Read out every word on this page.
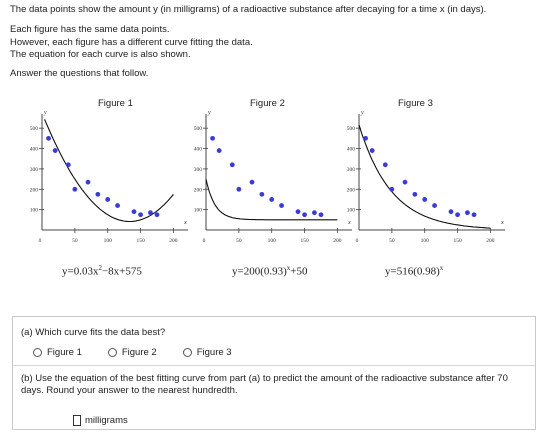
The data points show the amount y (in milligrams) of a radioactive substance after decaying for a time x (in days).
Each figure has the same data points.
However, each figure has a different curve fitting the data.
The equation for each curve is also shown.
Answer the questions that follow.
Figure 1	Figure 2	Figure 3
100
200
300
400
500
0	50	100	150	200
y
x
100
200
300
400
500
0	50	100	150	200
y
x
100
200
300
400
500
0	50	100	150	200
y
x
$y=0.03x^2-8x+575$	$y=200(0.93)^x+50$	$y=516(0.98)^x$
(a) Which curve fits the data best?
Figure 1	Figure 2	Figure 3
(b) Use the equation of the best fitting curve from part (a) to predict the amount of the radioactive substance after 70 days. Round your answer to the nearest hundredth.
milligrams
